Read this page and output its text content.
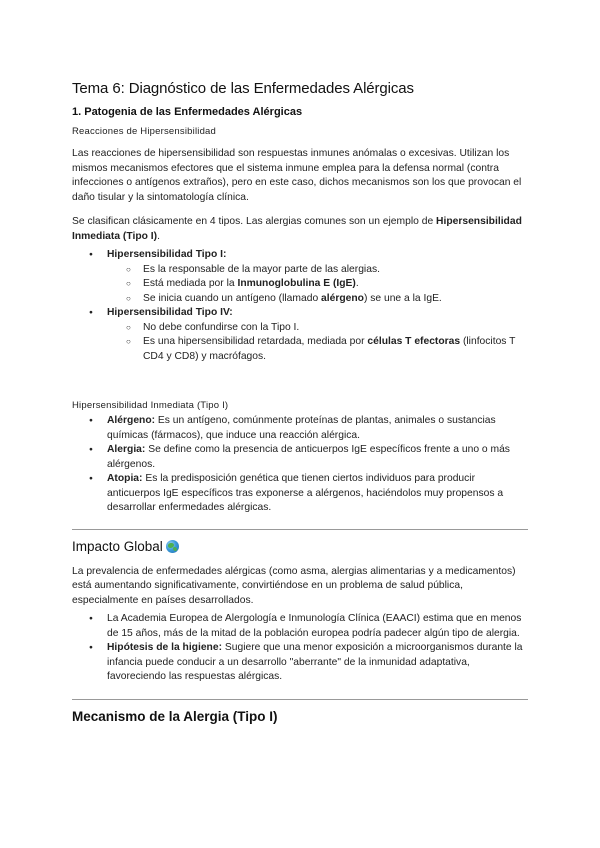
Tema 6: Diagnóstico de las Enfermedades Alérgicas
1. Patogenia de las Enfermedades Alérgicas
Reacciones de Hipersensibilidad

Las reacciones de hipersensibilidad son respuestas inmunes anómalas o excesivas. Utilizan los mismos mecanismos efectores que el sistema inmune emplea para la defensa normal (contra infecciones o antígenos extraños), pero en este caso, dichos mecanismos son los que provocan el daño tisular y la sintomatología clínica.

Se clasifican clásicamente en 4 tipos. Las alergias comunes son un ejemplo de Hipersensibilidad Inmediata (Tipo I).

● Hipersensibilidad Tipo I:
○ Es la responsable de la mayor parte de las alergias.
○ Está mediada por la Inmunoglobulina E (IgE).
○ Se inicia cuando un antígeno (llamado alérgeno) se une a la IgE.
● Hipersensibilidad Tipo IV:
○ No debe confundirse con la Tipo I.
○ Es una hipersensibilidad retardada, mediada por células T efectoras (linfocitos T CD4 y CD8) y macrófagos.
Hipersensibilidad Inmediata (Tipo I)
● Alérgeno: Es un antígeno, comúnmente proteínas de plantas, animales o sustancias químicas (fármacos), que induce una reacción alérgica.
● Alergia: Se define como la presencia de anticuerpos IgE específicos frente a uno o más alérgenos.
● Atopia: Es la predisposición genética que tienen ciertos individuos para producir anticuerpos IgE específicos tras exponerse a alérgenos, haciéndolos muy propensos a desarrollar enfermedades alérgicas.
Impacto Global

La prevalencia de enfermedades alérgicas (como asma, alergias alimentarias y a medicamentos) está aumentando significativamente, convirtiéndose en un problema de salud pública, especialmente en países desarrollados.

● La Academia Europea de Alergología e Inmunología Clínica (EAACI) estima que en menos de 15 años, más de la mitad de la población europea podría padecer algún tipo de alergia.
● Hipótesis de la higiene: Sugiere que una menor exposición a microorganismos durante la infancia puede conducir a un desarrollo "aberrante" de la inmunidad adaptativa, favoreciendo las respuestas alérgicas.
Mecanismo de la Alergia (Tipo I)
